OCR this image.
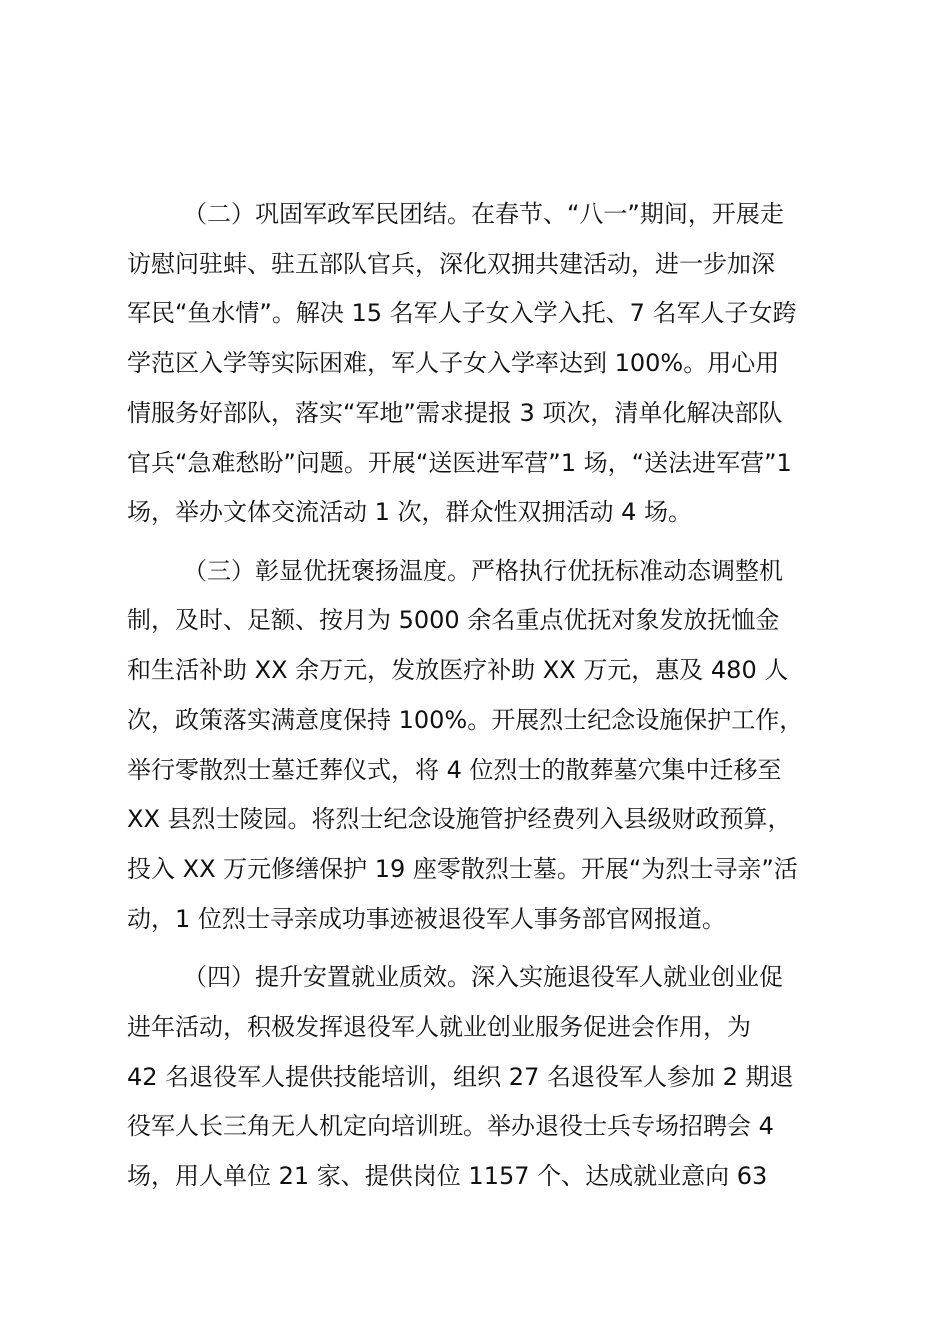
（二）巩固军政军民团结。在春节、“八一”期间，开展走

访慰问驻蚌、驻五部队官兵，深化双拥共建活动，进一步加深

军民“鱼水情”。解决 15 名军人子女入学入托、7 名军人子女跨

学范区入学等实际困难，军人子女入学率达到 100%。用心用

情服务好部队，落实“军地”需求提报 3 项次，清单化解决部队

官兵“急难愁盼”问题。开展“送医进军营”1 场，“送法进军营”1

场，举办文体交流活动 1 次，群众性双拥活动 4 场。

（三）彰显优抚褒扬温度。严格执行优抚标准动态调整机

制，及时、足额、按月为 5000 余名重点优抚对象发放抚恤金

和生活补助 XX 余万元，发放医疗补助 XX 万元，惠及 480 人

次，政策落实满意度保持 100%。开展烈士纪念设施保护工作，

举行零散烈士墓迁葬仪式，将 4 位烈士的散葬墓穴集中迁移至

XX 县烈士陵园。将烈士纪念设施管护经费列入县级财政预算，

投入 XX 万元修缮保护 19 座零散烈士墓。开展“为烈士寻亲”活

动，1 位烈士寻亲成功事迹被退役军人事务部官网报道。

（四）提升安置就业质效。深入实施退役军人就业创业促

进年活动，积极发挥退役军人就业创业服务促进会作用，为

42 名退役军人提供技能培训，组织 27 名退役军人参加 2 期退

役军人长三角无人机定向培训班。举办退役士兵专场招聘会 4

场，用人单位 21 家、提供岗位 1157 个、达成就业意向 63
